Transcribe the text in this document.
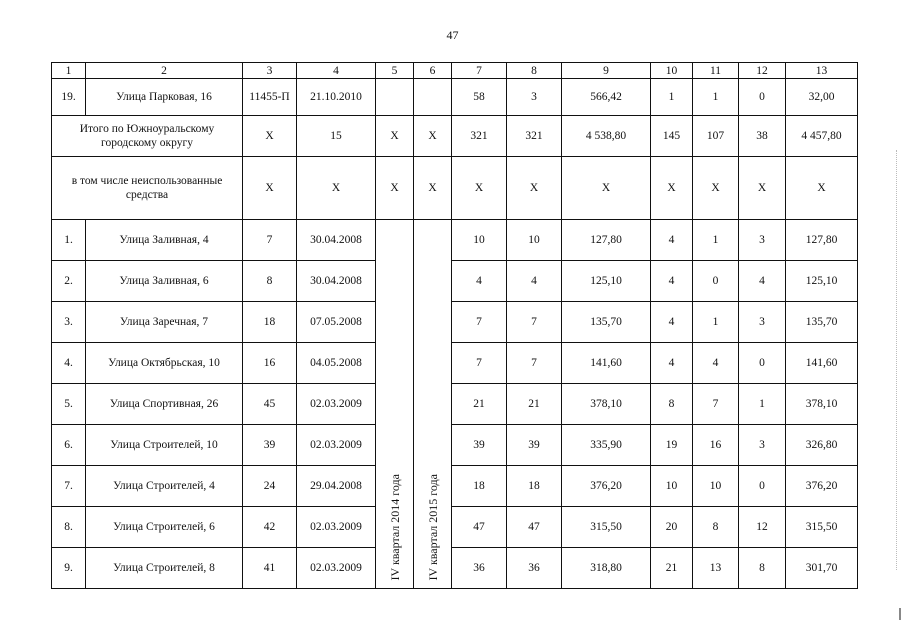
47
1	2	3	4	5	6	7	8	9	10	11	12	13
19.	Улица Парковая, 16	11455-П	21.10.2010			58	3	566,42	1	1	0	32,00
Итого по Южноуральскому городскому округу		X	15	X	X	321	321	4 538,80	145	107	38	4 457,80
в том числе неиспользованные средства		X	X	X	X	X	X	X	X	X	X	X
1.	Улица Заливная, 4	7	30.04.2008	IV квартал 2014 года	IV квартал 2015 года	10	10	127,80	4	1	3	127,80
2.	Улица Заливная, 6	8	30.04.2008			4	4	125,10	4	0	4	125,10
3.	Улица Заречная, 7	18	07.05.2008			7	7	135,70	4	1	3	135,70
4.	Улица Октябрьская, 10	16	04.05.2008			7	7	141,60	4	4	0	141,60
5.	Улица Спортивная, 26	45	02.03.2009			21	21	378,10	8	7	1	378,10
6.	Улица Строителей, 10	39	02.03.2009			39	39	335,90	19	16	3	326,80
7.	Улица Строителей, 4	24	29.04.2008			18	18	376,20	10	10	0	376,20
8.	Улица Строителей, 6	42	02.03.2009			47	47	315,50	20	8	12	315,50
9.	Улица Строителей, 8	41	02.03.2009			36	36	318,80	21	13	8	301,70
